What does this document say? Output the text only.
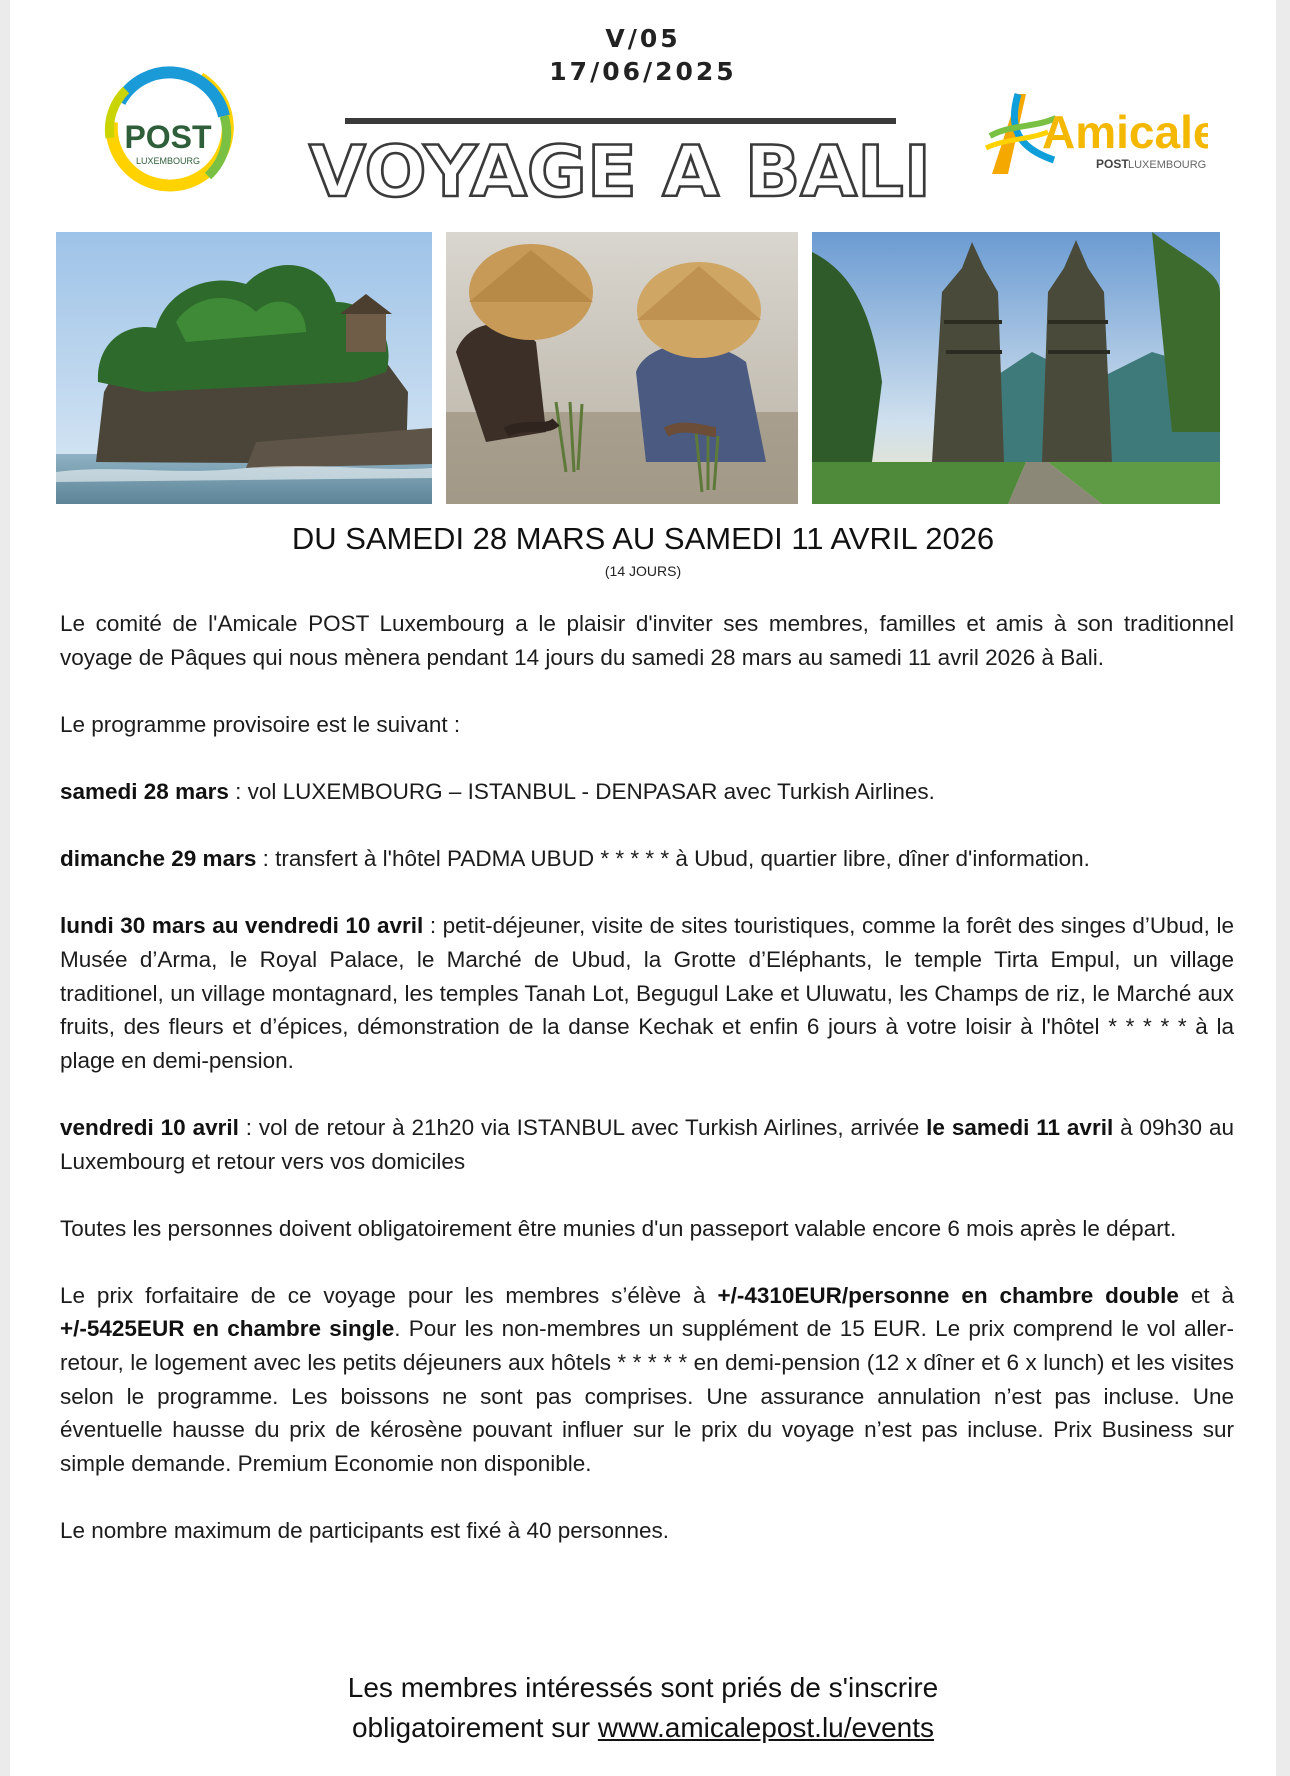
POST
LUXEMBOURG
V/05
17/06/2025
VOYAGE A BALI Amicale
POST LUXEMBOURG
DU SAMEDI 28 MARS AU SAMEDI 11 AVRIL 2026
(14 JOURS)

Le comité de l'Amicale POST Luxembourg a le plaisir d'inviter ses membres, familles et amis à son traditionnel voyage de Pâques qui nous mènera pendant 14 jours du samedi 28 mars au samedi 11 avril 2026 à Bali.

Le programme provisoire est le suivant :

samedi 28 mars : vol LUXEMBOURG – ISTANBUL - DENPASAR avec Turkish Airlines.

dimanche 29 mars : transfert à l'hôtel PADMA UBUD * * * * * à Ubud, quartier libre, dîner d'information.

lundi 30 mars au vendredi 10 avril : petit-déjeuner, visite de sites touristiques, comme la forêt des singes d’Ubud, le Musée d’Arma, le Royal Palace, le Marché de Ubud, la Grotte d’Eléphants, le temple Tirta Empul, un village traditionel, un village montagnard, les temples Tanah Lot, Begugul Lake et Uluwatu, les Champs de riz, le Marché aux fruits, des fleurs et d’épices, démonstration de la danse Kechak et enfin 6 jours à votre loisir à l'hôtel * * * * * à la plage en demi-pension.

vendredi 10 avril : vol de retour à 21h20 via ISTANBUL avec Turkish Airlines, arrivée le samedi 11 avril à 09h30 au Luxembourg et retour vers vos domiciles

Toutes les personnes doivent obligatoirement être munies d'un passeport valable encore 6 mois après le départ.

Le prix forfaitaire de ce voyage pour les membres s’élève à +/-4310EUR/personne en chambre double et à +/-5425EUR en chambre single. Pour les non-membres un supplément de 15 EUR. Le prix comprend le vol aller-retour, le logement avec les petits déjeuners aux hôtels * * * * * en demi-pension (12 x dîner et 6 x lunch) et les visites selon le programme. Les boissons ne sont pas comprises. Une assurance annulation n’est pas incluse. Une éventuelle hausse du prix de kérosène pouvant influer sur le prix du voyage n’est pas incluse. Prix Business sur simple demande. Premium Economie non disponible.

Le nombre maximum de participants est fixé à 40 personnes.

Les membres intéressés sont priés de s'inscrire
obligatoirement sur www.amicalepost.lu/events
